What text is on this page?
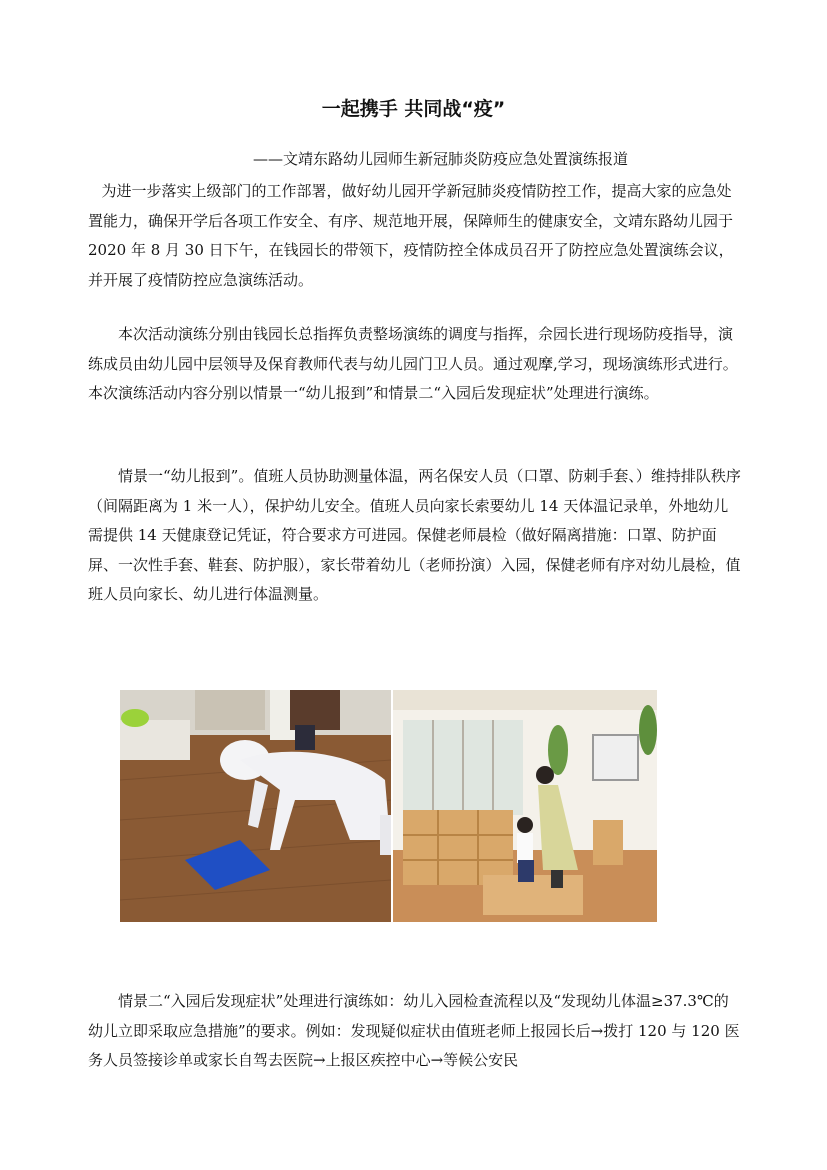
一起携手 共同战“疫”
——文靖东路幼儿园师生新冠肺炎防疫应急处置演练报道

为进一步落实上级部门的工作部署，做好幼儿园开学新冠肺炎疫情防控工作，提高大家的应急处置能力，确保开学后各项工作安全、有序、规范地开展，保障师生的健康安全，文靖东路幼儿园于 2020 年 8 月 30 日下午，在钱园长的带领下，疫情防控全体成员召开了防控应急处置演练会议，并开展了疫情防控应急演练活动。

本次活动演练分别由钱园长总指挥负责整场演练的调度与指挥，佘园长进行现场防疫指导，演练成员由幼儿园中层领导及保育教师代表与幼儿园门卫人员。通过观摩,学习，现场演练形式进行。本次演练活动内容分别以情景一“幼儿报到”和情景二“入园后发现症状”处理进行演练。

情景一“幼儿报到”。值班人员协助测量体温，两名保安人员（口罩、防刺手套、）维持排队秩序（间隔距离为 1 米一人），保护幼儿安全。值班人员向家长索要幼儿 14 天体温记录单，外地幼儿需提供 14 天健康登记凭证，符合要求方可进园。保健老师晨检（做好隔离措施：口罩、防护面屏、一次性手套、鞋套、防护服），家长带着幼儿（老师扮演）入园，保健老师有序对幼儿晨检，值班人员向家长、幼儿进行体温测量。

情景二“入园后发现症状”处理进行演练如：幼儿入园检查流程以及“发现幼儿体温≥37.3℃的幼儿立即采取应急措施”的要求。例如：发现疑似症状由值班老师上报园长后→拨打 120 与 120 医务人员签接诊单或家长自驾去医院→上报区疾控中心→等候公安民
